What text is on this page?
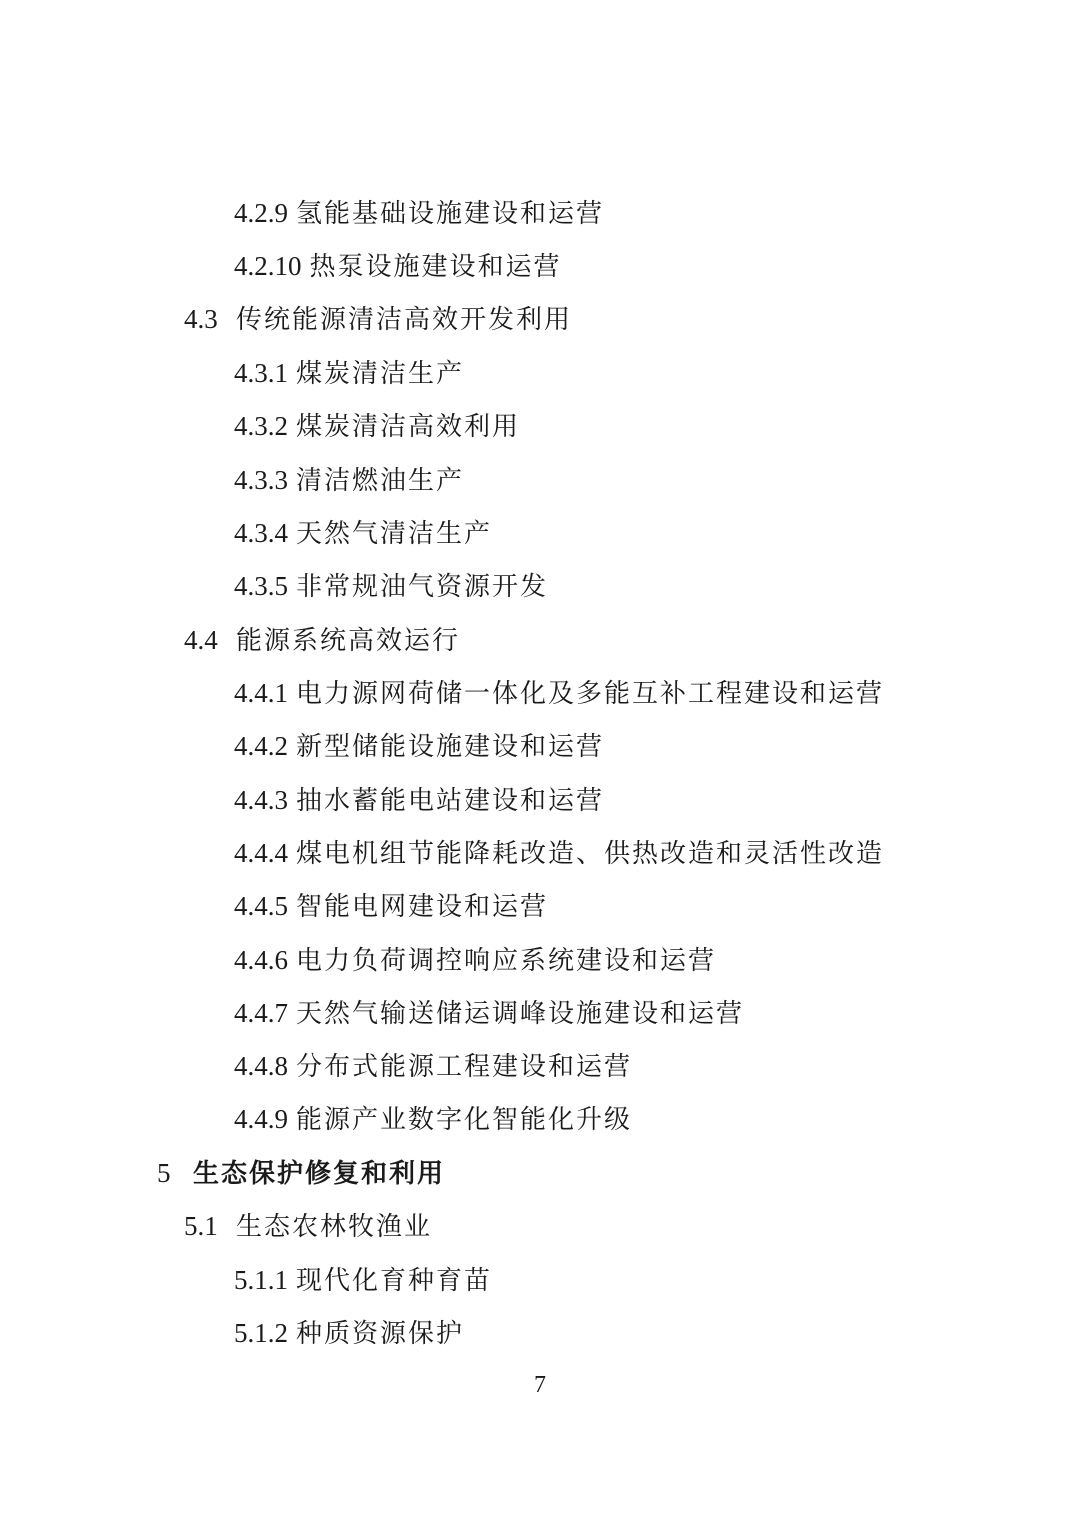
4.2.9 氢能基础设施建设和运营
4.2.10 热泵设施建设和运营
4.3 传统能源清洁高效开发利用
4.3.1 煤炭清洁生产
4.3.2 煤炭清洁高效利用
4.3.3 清洁燃油生产
4.3.4 天然气清洁生产
4.3.5 非常规油气资源开发
4.4 能源系统高效运行
4.4.1 电力源网荷储一体化及多能互补工程建设和运营
4.4.2 新型储能设施建设和运营
4.4.3 抽水蓄能电站建设和运营
4.4.4 煤电机组节能降耗改造、供热改造和灵活性改造
4.4.5 智能电网建设和运营
4.4.6 电力负荷调控响应系统建设和运营
4.4.7 天然气输送储运调峰设施建设和运营
4.4.8 分布式能源工程建设和运营
4.4.9 能源产业数字化智能化升级
5 生态保护修复和利用
5.1 生态农林牧渔业
5.1.1 现代化育种育苗
5.1.2 种质资源保护
7
